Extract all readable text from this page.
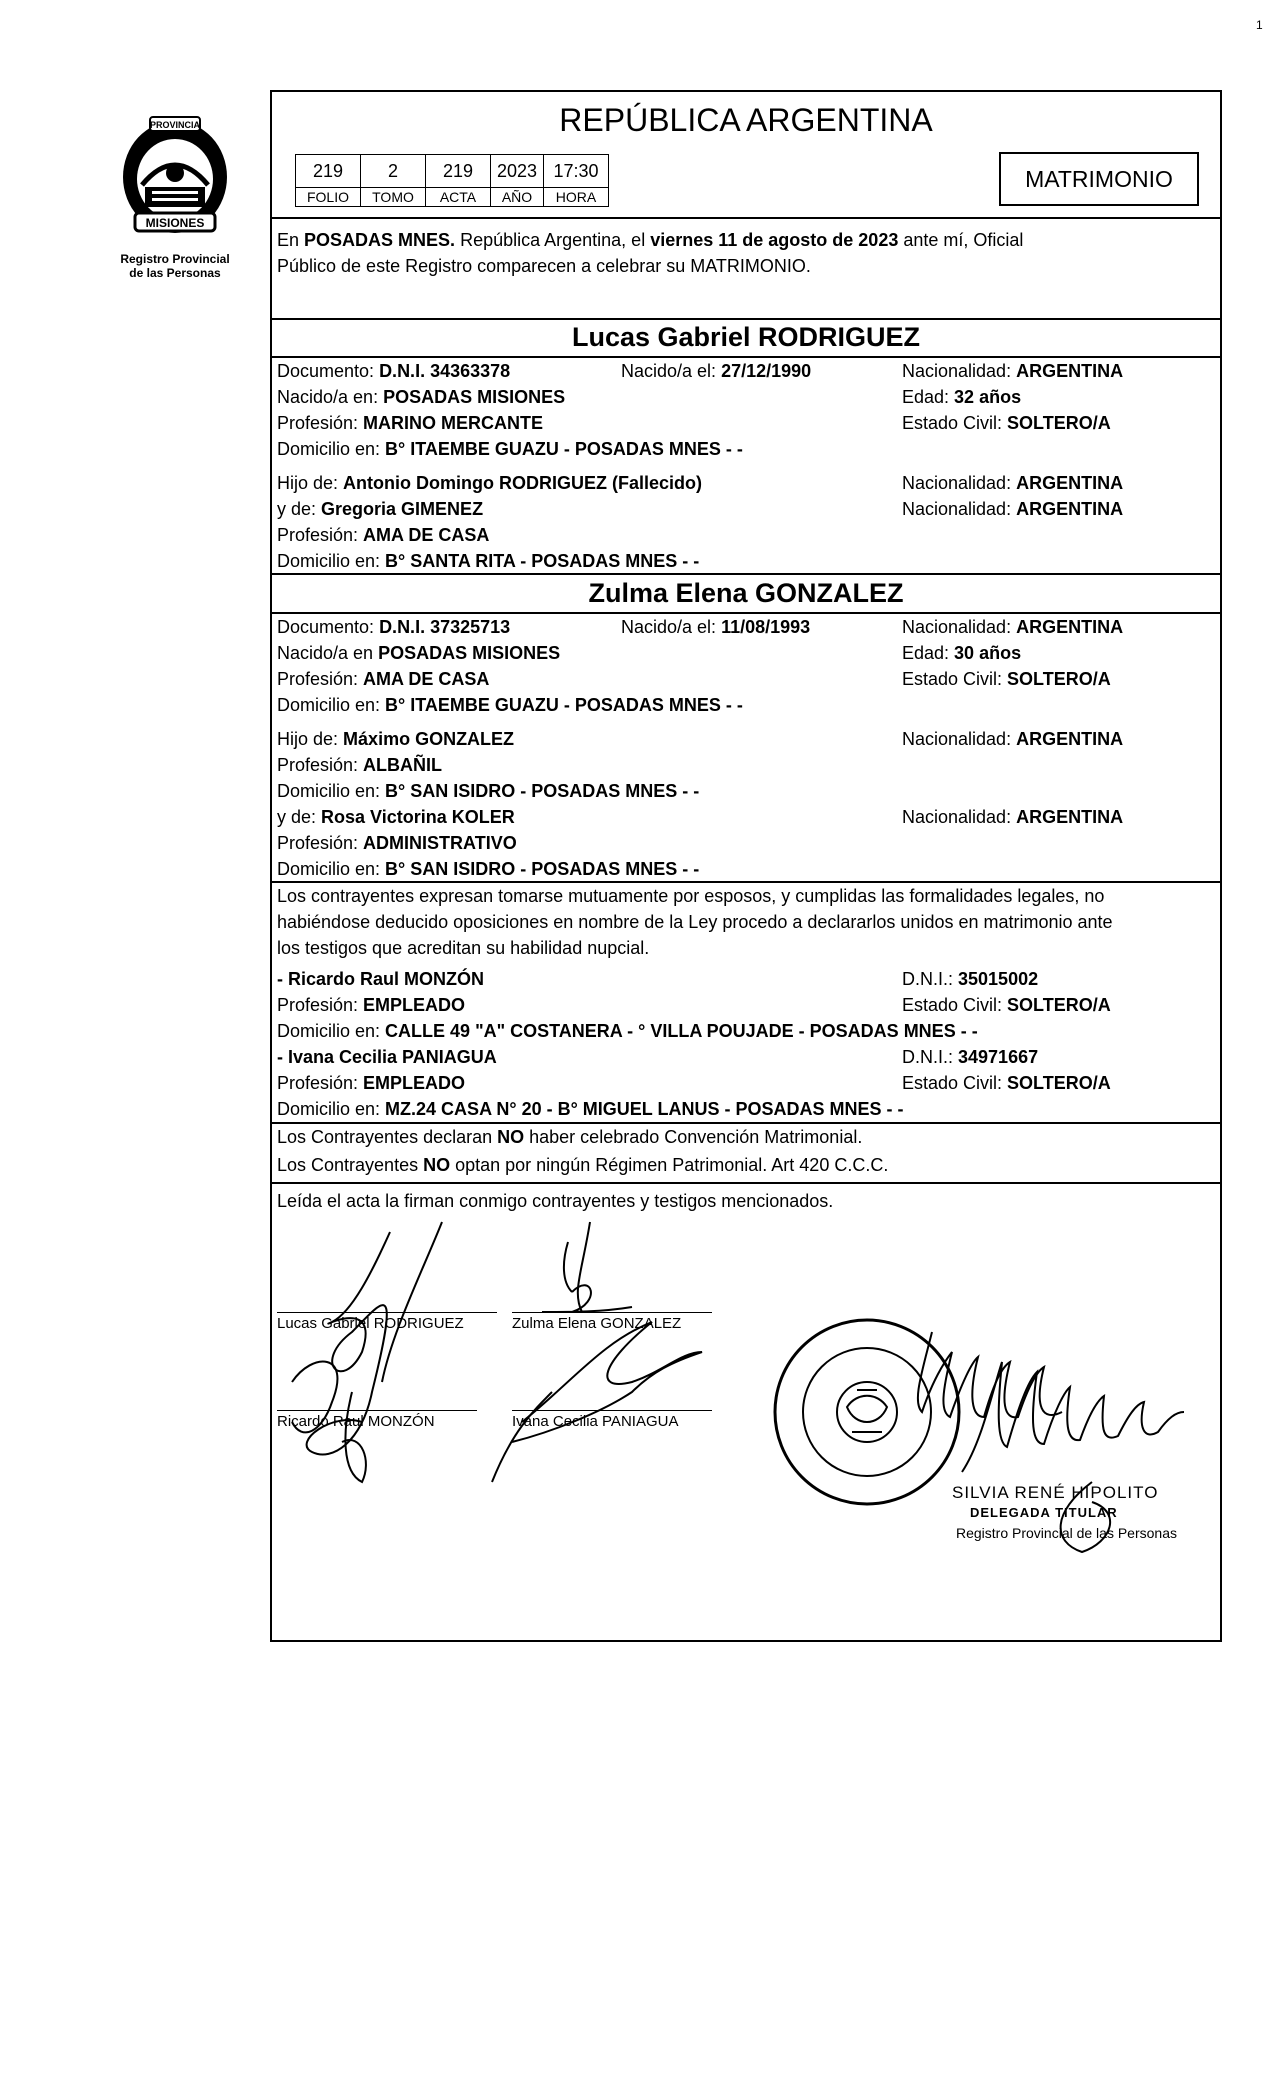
1
MISIONES
PROVINCIA
Registro Provincial
de las Personas
REPÚBLICA ARGENTINA
219	2	219	2023	17:30
FOLIO	TOMO	ACTA	AÑO	HORA
MATRIMONIO
En POSADAS MNES. República Argentina, el viernes 11 de agosto de 2023 ante mí, Oficial
Público de este Registro comparecen a celebrar su MATRIMONIO.
Lucas Gabriel RODRIGUEZ
Documento: D.N.I. 34363378	Nacido/a el: 27/12/1990	Nacionalidad: ARGENTINA
Nacido/a en: POSADAS MISIONES	Edad: 32 años
Profesión: MARINO MERCANTE	Estado Civil: SOLTERO/A
Domicilio en: B° ITAEMBE GUAZU - POSADAS MNES - -
Hijo de: Antonio Domingo RODRIGUEZ (Fallecido)	Nacionalidad: ARGENTINA
y de: Gregoria GIMENEZ	Nacionalidad: ARGENTINA
Profesión: AMA DE CASA
Domicilio en: B° SANTA RITA - POSADAS MNES - -
Zulma Elena GONZALEZ
Documento: D.N.I. 37325713	Nacido/a el: 11/08/1993	Nacionalidad: ARGENTINA
Nacido/a en POSADAS MISIONES	Edad: 30 años
Profesión: AMA DE CASA	Estado Civil: SOLTERO/A
Domicilio en: B° ITAEMBE GUAZU - POSADAS MNES - -
Hijo de: Máximo GONZALEZ	Nacionalidad: ARGENTINA
Profesión: ALBAÑIL
Domicilio en: B° SAN ISIDRO - POSADAS MNES - -
y de: Rosa Victorina KOLER	Nacionalidad: ARGENTINA
Profesión: ADMINISTRATIVO
Domicilio en: B° SAN ISIDRO - POSADAS MNES - -
Los contrayentes expresan tomarse mutuamente por esposos, y cumplidas las formalidades legales, no
habiéndose deducido oposiciones en nombre de la Ley procedo a declararlos unidos en matrimonio ante
los testigos que acreditan su habilidad nupcial.
- Ricardo Raul MONZÓN	D.N.I.: 35015002
Profesión: EMPLEADO	Estado Civil: SOLTERO/A
Domicilio en: CALLE 49 "A" COSTANERA - ° VILLA POUJADE - POSADAS MNES - -
- Ivana Cecilia PANIAGUA	D.N.I.: 34971667
Profesión: EMPLEADO	Estado Civil: SOLTERO/A
Domicilio en: MZ.24 CASA N° 20 - B° MIGUEL LANUS - POSADAS MNES - -
Los Contrayentes declaran NO haber celebrado Convención Matrimonial.
Los Contrayentes NO optan por ningún Régimen Patrimonial. Art 420 C.C.C.
Leída el acta la firman conmigo contrayentes y testigos mencionados.
Lucas Gabriel RODRIGUEZ	Zulma Elena GONZALEZ
Ricardo Raul MONZÓN	Ivana Cecilia PANIAGUA
SILVIA RENÉ HIPOLITO
DELEGADA TITULAR
Registro Provincial de las Personas
